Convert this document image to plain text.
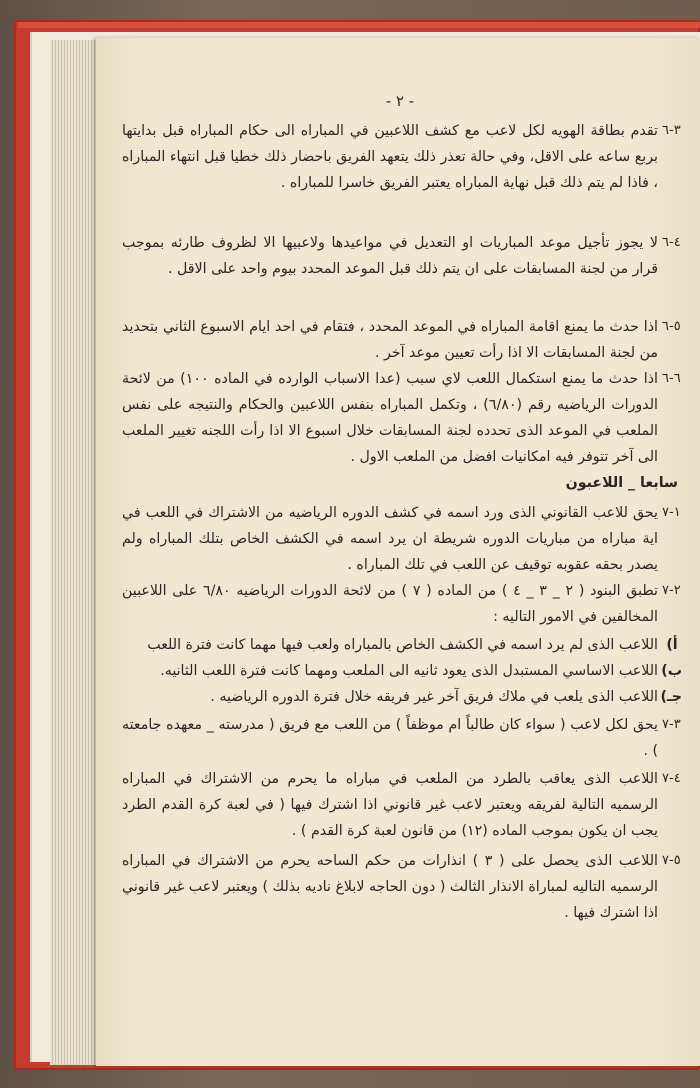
- ٢ -
٣-٦
تقدم بطاقة الهويه لكل لاعب مع كشف اللاعبين في المباراه الى حكام المباراه قبل بدايتها بربع ساعه على الاقل، وفي حالة تعذر ذلك يتعهد الفريق باحضار ذلك خطيا قبل انتهاء المباراه ، فاذا لم يتم ذلك قبل نهاية المباراه يعتبر الفريق خاسرا للمباراه .
٤-٦
لا يجوز تأجيل موعد المباريات او التعديل في مواعيدها ولاعبيها الا لظروف طارئه بموجب قرار من لجنة المسابقات على ان يتم ذلك قبل الموعد المحدد بيوم واحد على الاقل .
٥-٦
اذا حدث ما يمنع اقامة المباراه في الموعد المحدد ، فتقام في احد ايام الاسبوع الثاني بتحديد من لجنة المسابقات الا اذا رأت تعيين موعد آخر .
٦-٦
اذا حدث ما يمنع استكمال اللعب لاي سبب (عدا الاسباب الوارده في الماده ١٠٠) من لائحة الدورات الرياضيه رقم (٦/٨٠) ، وتكمل المباراه بنفس اللاعبين والحكام والنتيجه على نفس الملعب في الموعد الذى تحدده لجنة المسابقات خلال اسبوع الا اذا رأت اللجنه تغيير الملعب الى آخر تتوفر فيه امكانيات افضل من الملعب الاول .
سابعا _ اللاعبون
١-٧
يحق للاعب القانوني الذى ورد اسمه في كشف الدوره الرياضيه من الاشتراك في اللعب في اية مباراه من مباريات الدوره شريطة ان يرد اسمه في الكشف الخاص بتلك المباراه ولم يصدر بحقه عقوبه توقيف عن اللعب في تلك المباراه .
٢-٧
تطبق البنود ( ٢ _ ٣ _ ٤ ) من الماده ( ٧ ) من لائحة الدورات الرياضيه ٦/٨٠ على اللاعبين المخالفين في الامور التاليه :
أ)
اللاعب الذى لم يرد اسمه في الكشف الخاص بالمباراه ولعب فيها مهما كانت فترة اللعب
ب)
اللاعب الاساسي المستبدل الذى يعود ثانيه الى الملعب ومهما كانت فترة اللعب الثانيه.
جـ)
اللاعب الذى يلعب في ملاك فريق آخر غير فريقه خلال فترة الدوره الرياضيه .
٣-٧
يحق لكل لاعب ( سواء كان طالباً ام موظفاً ) من اللعب مع فريق ( مدرسته _ معهده جامعته ) .
٤-٧
اللاعب الذى يعاقب بالطرد من الملعب في مباراه ما يحرم من الاشتراك في المباراه الرسميه التالية لفريقه ويعتبر لاعب غير قانوني اذا اشترك فيها ( في لعبة كرة القدم الطرد يجب ان يكون بموجب الماده (١٢) من قانون لعبة كرة القدم ) .
٥-٧
اللاعب الذى يحصل على ( ٣ ) انذارات من حكم الساحه يحرم من الاشتراك في المباراه الرسميه التاليه لمباراة الانذار الثالث ( دون الحاجه لابلاغ ناديه بذلك ) ويعتبر لاعب غير قانوني اذا اشترك فيها .
